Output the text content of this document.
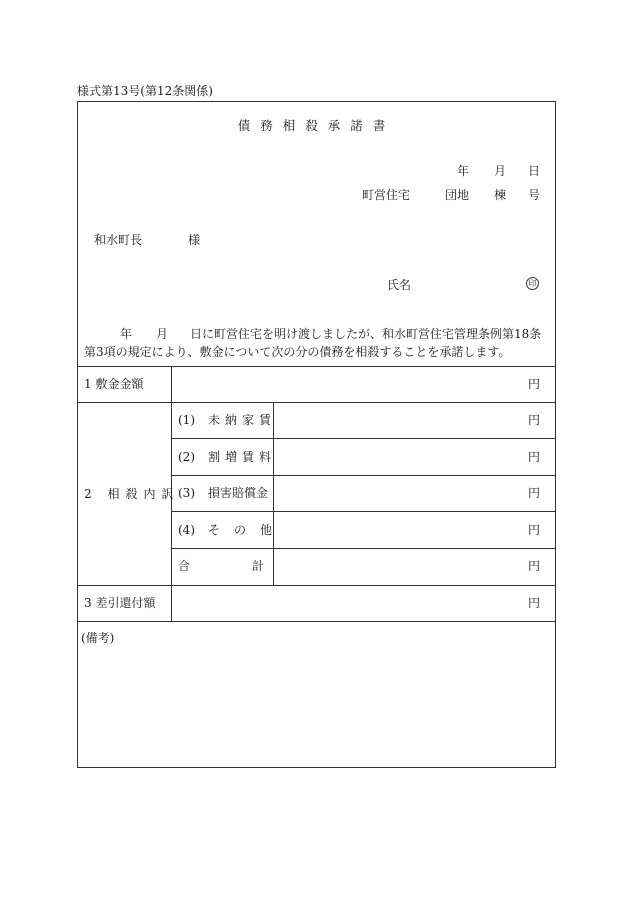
様式第13号(第12条関係)
債務相殺承諾書
年 月 日
町営住宅	団地 棟 号
和水町長	様
氏名	印
年 月 日に町営住宅を明け渡しましたが、和水町営住宅管理条例第18条第3項の規定により、敷金について次の分の債務を相殺することを承諾します。
1 敷金金額	円
2 相殺内訳
(1) 未納家賃	円
(2) 割増賃料	円
(3) 損害賠償金	円
(4) その他	円
合計	円
3 差引還付額	円
(備考)
